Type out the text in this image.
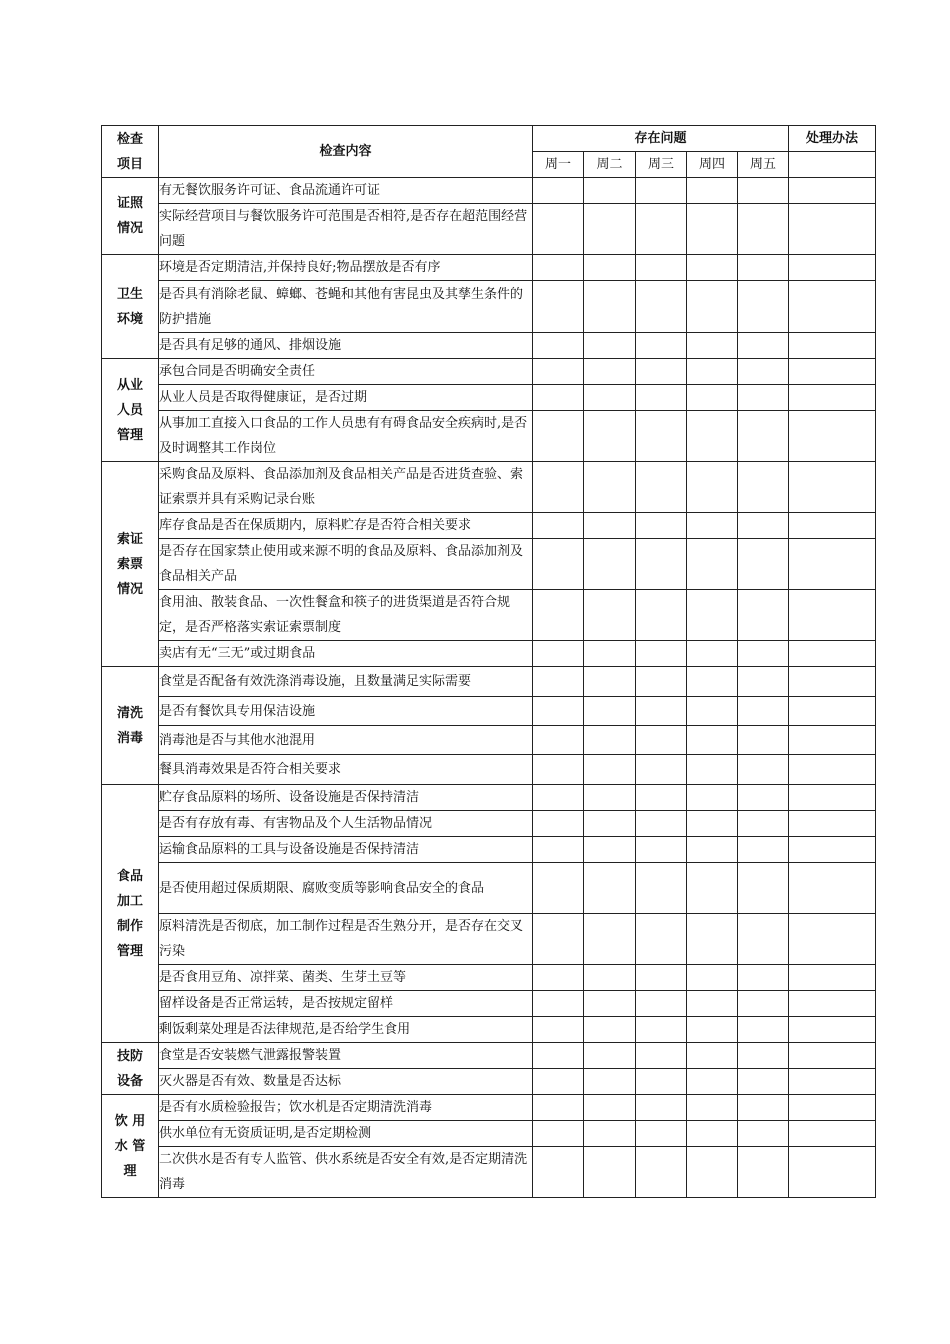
检查
项目	检查内容	存在问题					处理办法
		周一	周二	周三	周四	周五	
证照
情况	有无餐饮服务许可证、食品流通许可证						
	实际经营项目与餐饮服务许可范围是否相符,是否存在超范围经营问题						
卫生
环境	环境是否定期清洁,并保持良好;物品摆放是否有序						
	是否具有消除老鼠、蟑螂、苍蝇和其他有害昆虫及其孳生条件的防护措施						
	是否具有足够的通风、排烟设施						
从业
人员
管理	承包合同是否明确安全责任						
	从业人员是否取得健康证，是否过期						
	从事加工直接入口食品的工作人员患有有碍食品安全疾病时,是否及时调整其工作岗位						
索证
索票
情况	采购食品及原料、食品添加剂及食品相关产品是否进货查验、索证索票并具有采购记录台账						
	库存食品是否在保质期内，原料贮存是否符合相关要求						
	是否存在国家禁止使用或来源不明的食品及原料、食品添加剂及食品相关产品						
	食用油、散装食品、一次性餐盒和筷子的进货渠道是否符合规定，是否严格落实索证索票制度						
	卖店有无“三无”或过期食品						
清洗
消毒	食堂是否配备有效洗涤消毒设施，且数量满足实际需要						
	是否有餐饮具专用保洁设施						
	消毒池是否与其他水池混用						
	餐具消毒效果是否符合相关要求						
食品
加工
制作
管理	贮存食品原料的场所、设备设施是否保持清洁						
	是否有存放有毒、有害物品及个人生活物品情况						
	运输食品原料的工具与设备设施是否保持清洁						
	是否使用超过保质期限、腐败变质等影响食品安全的食品						
	原料清洗是否彻底，加工制作过程是否生熟分开，是否存在交叉污染						
	是否食用豆角、凉拌菜、菌类、生芽土豆等						
	留样设备是否正常运转，是否按规定留样						
	剩饭剩菜处理是否法律规范,是否给学生食用						
技防
设备	食堂是否安装燃气泄露报警装置						
	灭火器是否有效、数量是否达标						
饮 用
水 管
理	是否有水质检验报告；饮水机是否定期清洗消毒						
	供水单位有无资质证明,是否定期检测						
	二次供水是否有专人监管、供水系统是否安全有效,是否定期清洗消毒						
